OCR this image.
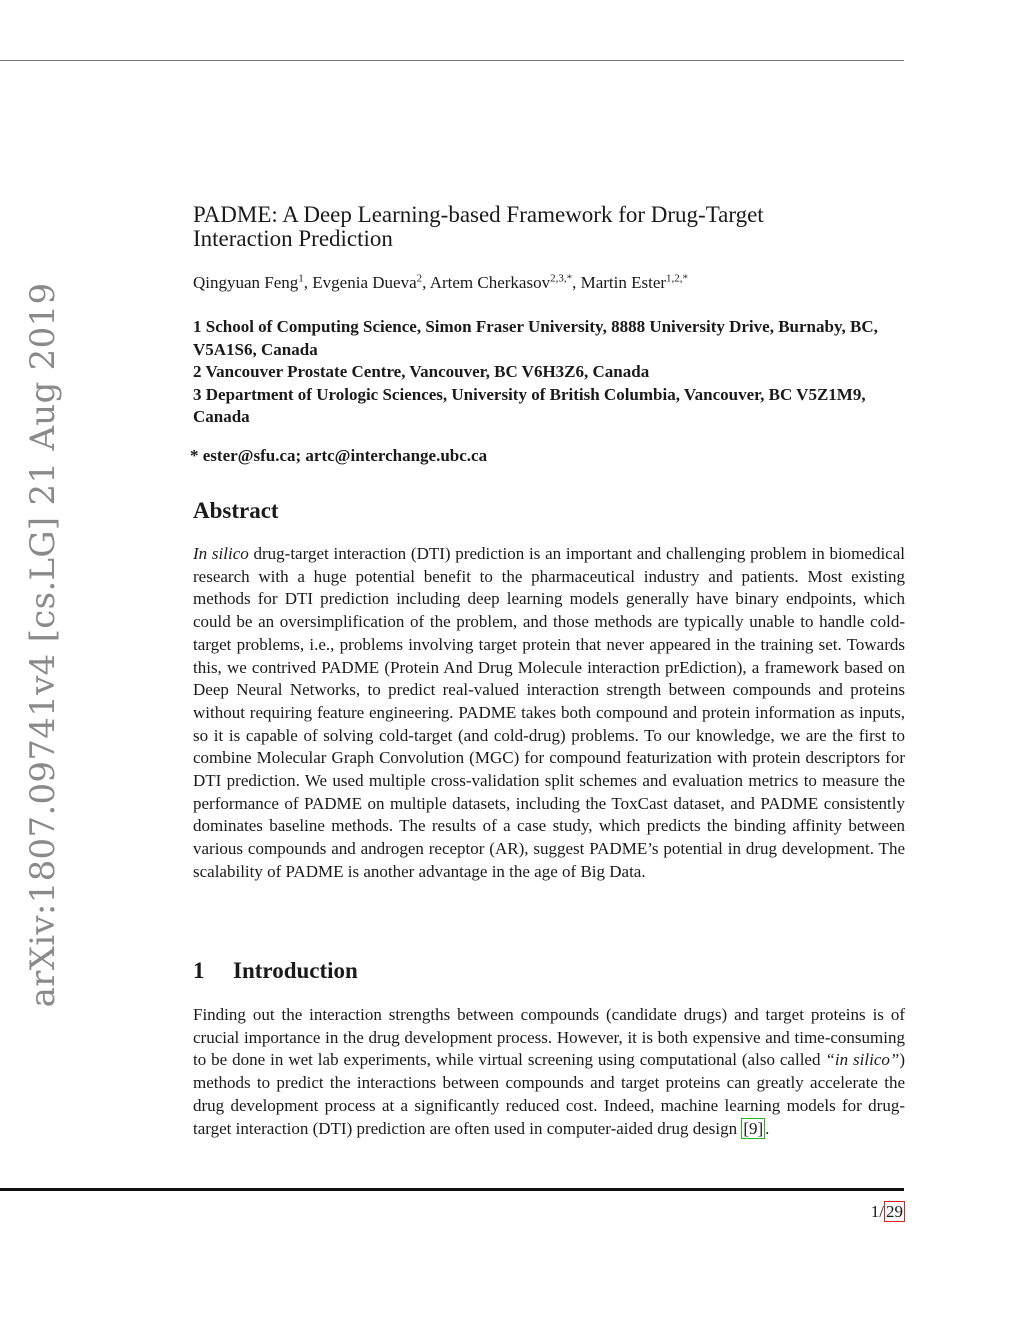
arXiv:1807.09741v4 [cs.LG] 21 Aug 2019
PADME: A Deep Learning-based Framework for Drug-Target
Interaction Prediction
Qingyuan Feng$^1$, Evgenia Dueva$^2$, Artem Cherkasov$^{2,3,*}$, Martin Ester$^{1,2,*}$
1 School of Computing Science, Simon Fraser University, 8888 University Drive, Burnaby, BC, V5A1S6, Canada
2 Vancouver Prostate Centre, Vancouver, BC V6H3Z6, Canada
3 Department of Urologic Sciences, University of British Columbia, Vancouver, BC V5Z1M9, Canada
* ester@sfu.ca; artc@interchange.ubc.ca
Abstract

In silico drug-target interaction (DTI) prediction is an important and challenging problem in biomedical research with a huge potential benefit to the pharmaceutical industry and patients. Most existing methods for DTI prediction including deep learning models generally have binary endpoints, which could be an oversimplification of the problem, and those methods are typically unable to handle cold-target problems, i.e., problems involving target protein that never appeared in the training set. Towards this, we contrived PADME (Protein And Drug Molecule interaction prEdiction), a framework based on Deep Neural Networks, to predict real-valued interaction strength between compounds and proteins without requiring feature engineering. PADME takes both compound and protein information as inputs, so it is capable of solving cold-target (and cold-drug) problems. To our knowledge, we are the first to combine Molecular Graph Convolution (MGC) for compound featurization with protein descriptors for DTI prediction. We used multiple cross-validation split schemes and evaluation metrics to measure the performance of PADME on multiple datasets, including the ToxCast dataset, and PADME consistently dominates baseline methods. The results of a case study, which predicts the binding affinity between various compounds and androgen receptor (AR), suggest PADME’s potential in drug development. The scalability of PADME is another advantage in the age of Big Data.

1 Introduction

Finding out the interaction strengths between compounds (candidate drugs) and target proteins is of crucial importance in the drug development process. However, it is both expensive and time-consuming to be done in wet lab experiments, while virtual screening using computational (also called “in silico”) methods to predict the interactions between compounds and target proteins can greatly accelerate the drug development process at a significantly reduced cost. Indeed, machine learning models for drug-target interaction (DTI) prediction are often used in computer-aided drug design [9] .

1/ 29
